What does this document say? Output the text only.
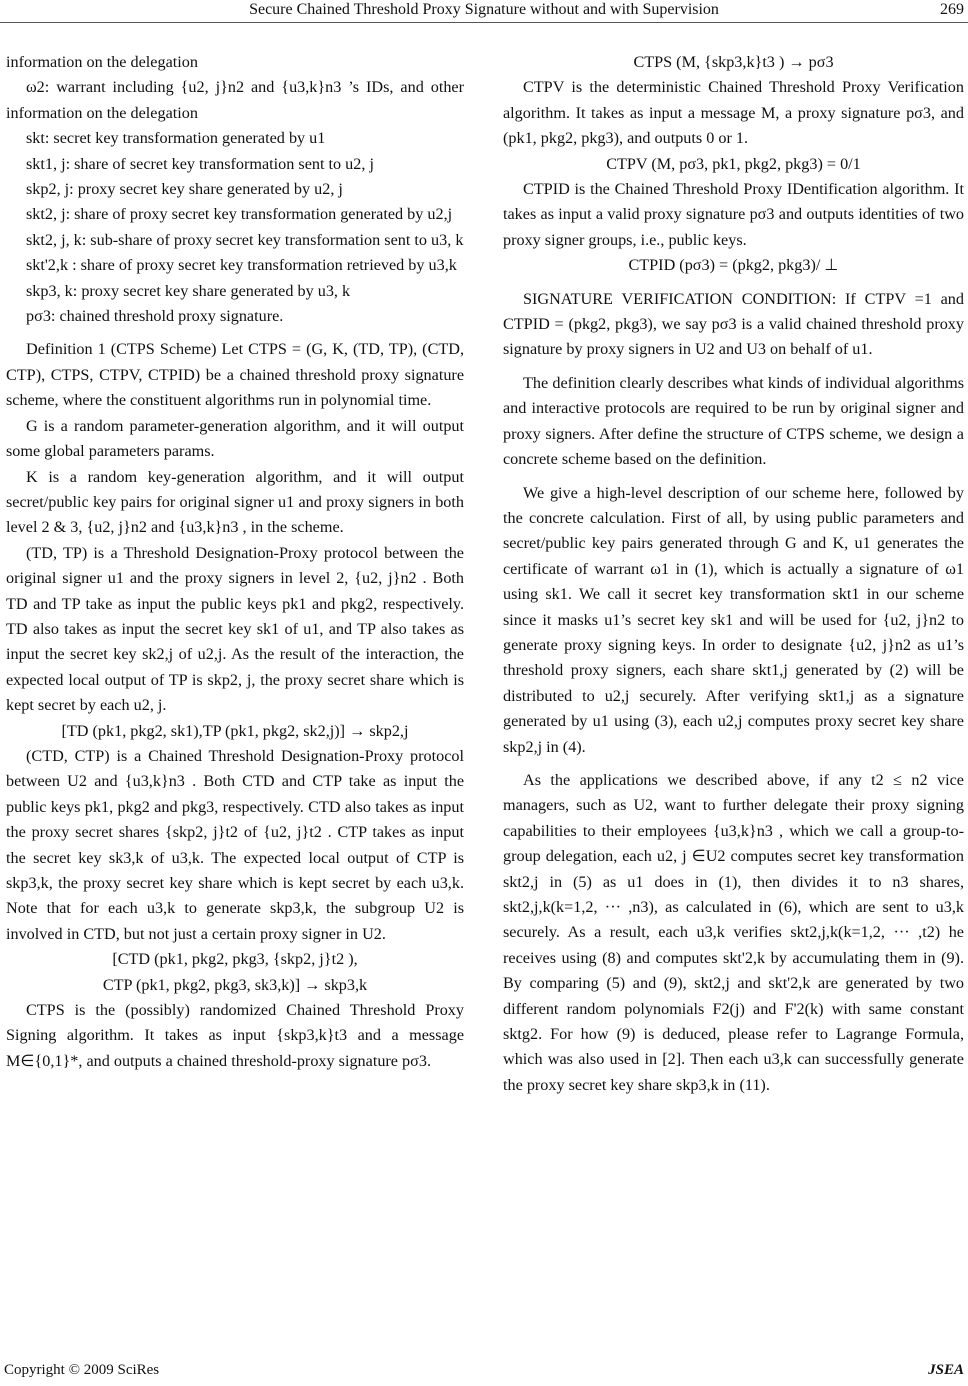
Secure Chained Threshold Proxy Signature without and with Supervision	269

information on the delegation

ω2: warrant including {u2, j}n2 and {u3,k}n3 ’s IDs, and other information on the delegation

skt: secret key transformation generated by u1

skt1, j: share of secret key transformation sent to u2, j

skp2, j: proxy secret key share generated by u2, j

skt2, j: share of proxy secret key transformation generated by u2,j

skt2, j, k: sub-share of proxy secret key transformation sent to u3, k

skt'2,k : share of proxy secret key transformation retrieved by u3,k

skp3, k: proxy secret key share generated by u3, k

pσ3: chained threshold proxy signature.

Definition 1 (CTPS Scheme) Let CTPS = (G, K, (TD, TP), (CTD, CTP), CTPS, CTPV, CTPID) be a chained threshold proxy signature scheme, where the constituent algorithms run in polynomial time.

G is a random parameter-generation algorithm, and it will output some global parameters params.

K is a random key-generation algorithm, and it will output secret/public key pairs for original signer u1 and proxy signers in both level 2 & 3, {u2, j}n2 and {u3,k}n3 , in the scheme.

(TD, TP) is a Threshold Designation-Proxy protocol between the original signer u1 and the proxy signers in level 2, {u2, j}n2 . Both TD and TP take as input the public keys pk1 and pkg2, respectively. TD also takes as input the secret key sk1 of u1, and TP also takes as input the secret key sk2,j of u2,j. As the result of the interaction, the expected local output of TP is skp2, j, the proxy secret share which is kept secret by each u2, j.

[TD (pk1, pkg2, sk1),TP (pk1, pkg2, sk2,j)] → skp2,j

(CTD, CTP) is a Chained Threshold Designation-Proxy protocol between U2 and {u3,k}n3 . Both CTD and CTP take as input the public keys pk1, pkg2 and pkg3, respectively. CTD also takes as input the proxy secret shares {skp2, j}t2 of {u2, j}t2 . CTP takes as input the secret key sk3,k of u3,k. The expected local output of CTP is skp3,k, the proxy secret key share which is kept secret by each u3,k. Note that for each u3,k to generate skp3,k, the subgroup U2 is involved in CTD, but not just a certain proxy signer in U2.

[CTD (pk1, pkg2, pkg3, {skp2, j}t2 ),

CTP (pk1, pkg2, pkg3, sk3,k)] → skp3,k

CTPS is the (possibly) randomized Chained Threshold Proxy Signing algorithm. It takes as input {skp3,k}t3 and a message M∈{0,1}*, and outputs a chained threshold-proxy signature pσ3.

CTPS (M, {skp3,k}t3 ) → pσ3

CTPV is the deterministic Chained Threshold Proxy Verification algorithm. It takes as input a message M, a proxy signature pσ3, and (pk1, pkg2, pkg3), and outputs 0 or 1.

CTPV (M, pσ3, pk1, pkg2, pkg3) = 0/1

CTPID is the Chained Threshold Proxy IDentification algorithm. It takes as input a valid proxy signature pσ3 and outputs identities of two proxy signer groups, i.e., public keys.

CTPID (pσ3) = (pkg2, pkg3)/ ⊥

SIGNATURE VERIFICATION CONDITION: If CTPV =1 and CTPID = (pkg2, pkg3), we say pσ3 is a valid chained threshold proxy signature by proxy signers in U2 and U3 on behalf of u1.

The definition clearly describes what kinds of individual algorithms and interactive protocols are required to be run by original signer and proxy signers. After define the structure of CTPS scheme, we design a concrete scheme based on the definition.

We give a high-level description of our scheme here, followed by the concrete calculation. First of all, by using public parameters and secret/public key pairs generated through G and K, u1 generates the certificate of warrant ω1 in (1), which is actually a signature of ω1 using sk1. We call it secret key transformation skt1 in our scheme since it masks u1’s secret key sk1 and will be used for {u2, j}n2 to generate proxy signing keys. In order to designate {u2, j}n2 as u1’s threshold proxy signers, each share skt1,j generated by (2) will be distributed to u2,j securely. After verifying skt1,j as a signature generated by u1 using (3), each u2,j computes proxy secret key share skp2,j in (4).

As the applications we described above, if any t2 ≤ n2 vice managers, such as U2, want to further delegate their proxy signing capabilities to their employees {u3,k}n3 , which we call a group-to-group delegation, each u2, j ∈U2 computes secret key transformation skt2,j in (5) as u1 does in (1), then divides it to n3 shares, skt2,j,k(k=1,2, ··· ,n3), as calculated in (6), which are sent to u3,k securely. As a result, each u3,k verifies skt2,j,k(k=1,2, ··· ,t2) he receives using (8) and computes skt'2,k by accumulating them in (9). By comparing (5) and (9), skt2,j and skt'2,k are generated by two different random polynomials F2(j) and F'2(k) with same constant sktg2. For how (9) is deduced, please refer to Lagrange Formula, which was also used in [2]. Then each u3,k can successfully generate the proxy secret key share skp3,k in (11).

Copyright © 2009 SciRes	JSEA
